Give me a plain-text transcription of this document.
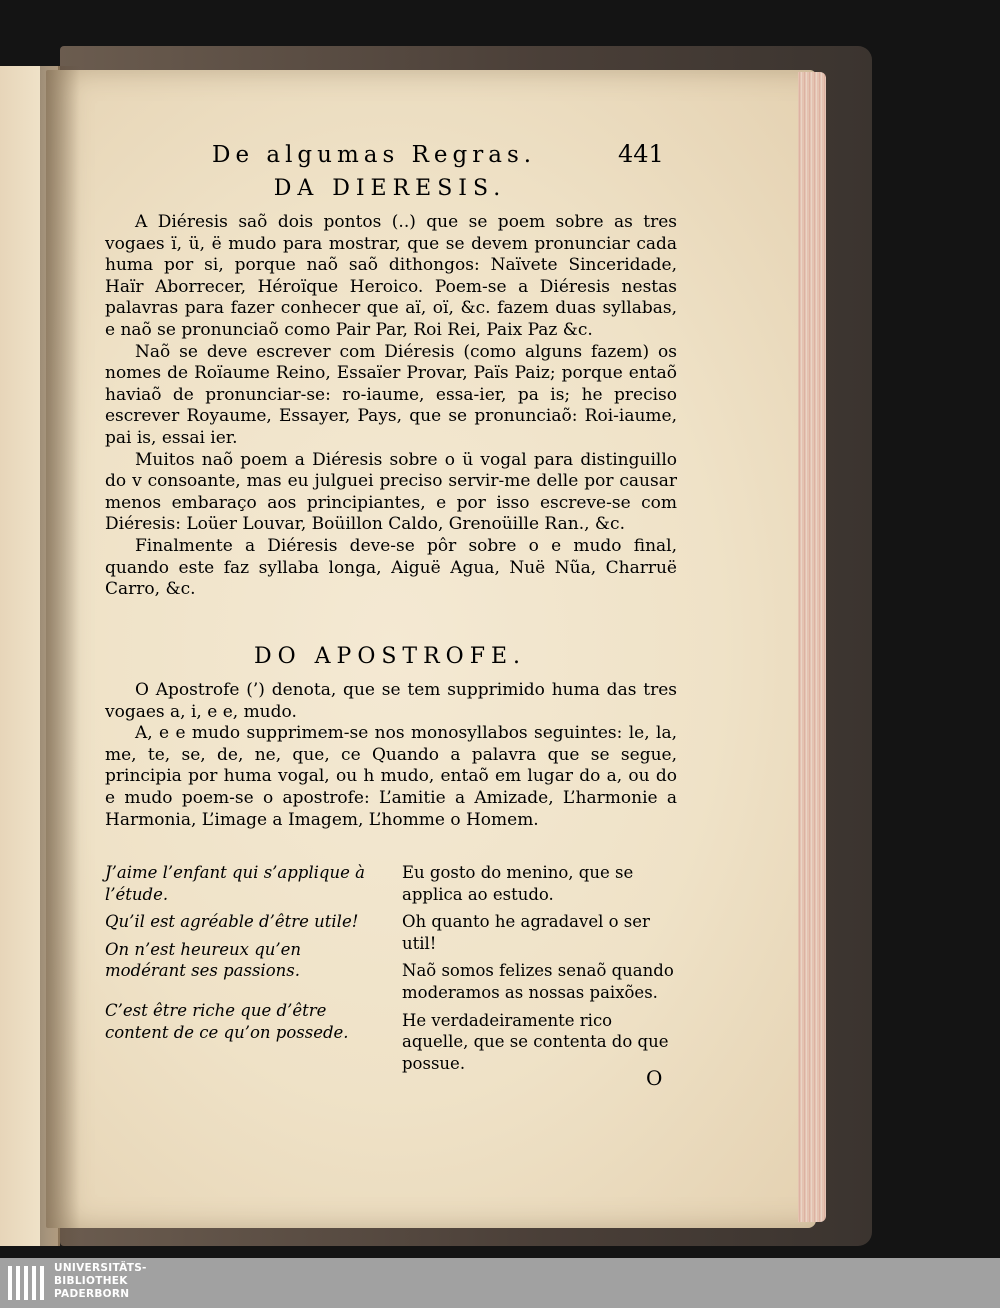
De algumas Regras.	441
DA DIERESIS.

A Diéresis saõ dois pontos (..) que se poem sobre as tres vogaes ï, ü, ë mudo para mostrar, que se devem pronunciar cada huma por si, porque naõ saõ dithongos: Naïvete Sinceridade, Haïr Aborrecer, Héroïque Heroico. Poem-se a Diéresis nestas palavras para fazer conhecer que aï, oï, &c. fazem duas syllabas, e naõ se pronunciaõ como Pair Par, Roi Rei, Paix Paz &c.

Naõ se deve escrever com Diéresis (como alguns fazem) os nomes de Roïaume Reino, Essaïer Provar, Païs Paiz; porque entaõ haviaõ de pronunciar-se: ro-iaume, essa-ier, pa is; he preciso escrever Royaume, Essayer, Pays, que se pronunciaõ: Roi-iaume, pai is, essai ier.

Muitos naõ poem a Diéresis sobre o ü vogal para distinguillo do v consoante, mas eu julguei preciso servir-me delle por causar menos embaraço aos principiantes, e por isso escreve-se com Diéresis: Loüer Louvar, Boüillon Caldo, Grenoüille Ran., &c.

Finalmente a Diéresis deve-se pôr sobre o e mudo final, quando este faz syllaba longa, Aiguë Agua, Nuë Nũa, Charruë Carro, &c.

DO APOSTROFE.

O Apostrofe (’) denota, que se tem supprimido huma das tres vogaes a, i, e e, mudo.

A, e e mudo supprimem-se nos monosyllabos seguintes: le, la, me, te, se, de, ne, que, ce Quando a palavra que se segue, principia por huma vogal, ou h mudo, entaõ em lugar do a, ou do e mudo poem-se o apostrofe: L’amitie a Amizade, L’harmonie a Harmonia, L’image a Imagem, L’homme o Homem.

J’aime l’enfant qui s’applique à l’étude.

Qu’il est agréable d’être utile!

On n’est heureux qu’en modérant ses passions.

C’est être riche que d’être content de ce qu’on possede.

Eu gosto do menino, que se applica ao estudo.

Oh quanto he agradavel o ser util!

Naõ somos felizes senaõ quando moderamos as nossas paixões.

He verdadeiramente rico aquelle, que se contenta do que possue.

O
UNIVERSITÄTS-
BIBLIOTHEK
PADERBORN
